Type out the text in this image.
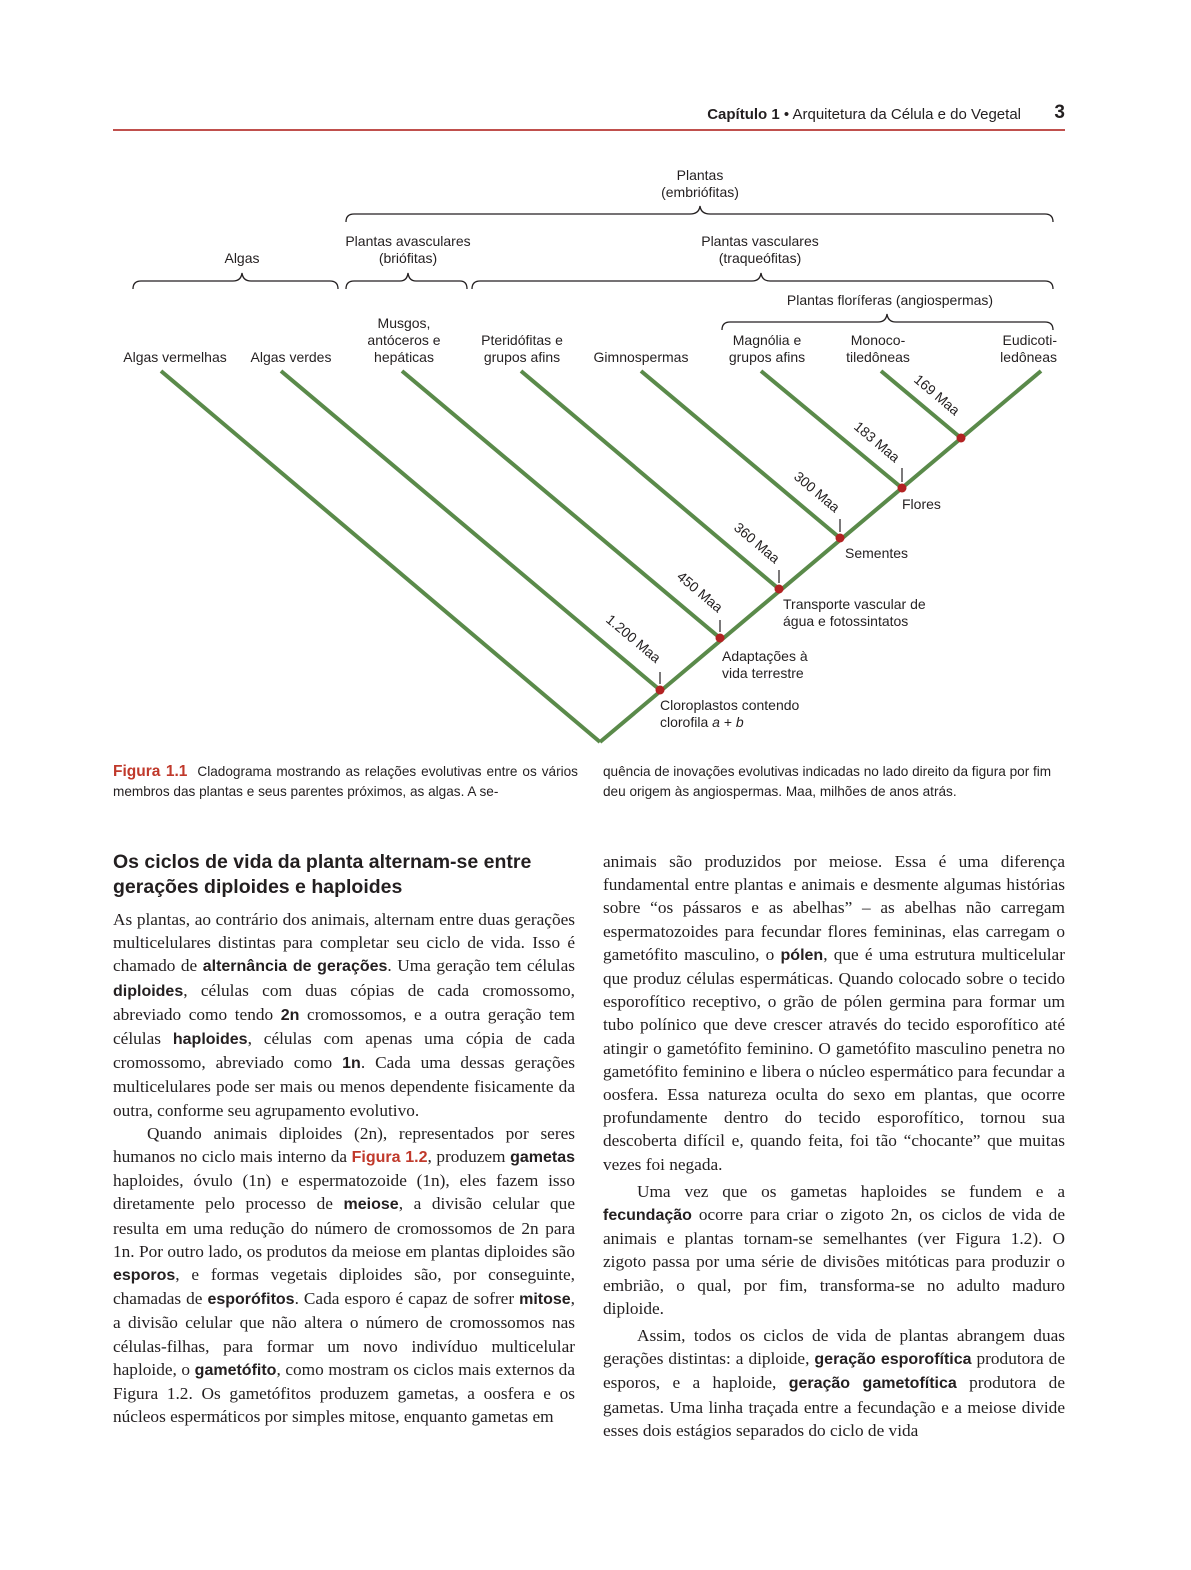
Capítulo 1 • Arquitetura da Célula e do Vegetal 3
Plantas
(embriófitas)
Algas
Plantas avasculares
(briófitas)
Plantas vasculares
(traqueófitas)
Plantas floríferas (angiospermas)
Algas vermelhas Algas verdes
Musgos,
antóceros e
hepáticas
Pteridófitas e
grupos afins Gimnospermas
Magnólia e
grupos afins
Monoco-
tiledôneas
Eudicoti-
ledôneas
1.200 Maa
450 Maa
360 Maa
300 Maa
183 Maa
169 Maa
Cloroplastos contendo
clorofila a + b
Adaptações à
vida terrestre
Transporte vascular de
água e fotossintatos
Sementes
Flores
Figura 1.1 Cladograma mostrando as relações evolutivas entre os vários membros das plantas e seus parentes próximos, as algas. A se-
quência de inovações evolutivas indicadas no lado direito da figura por fim deu origem às angiospermas. Maa, milhões de anos atrás.
Os ciclos de vida da planta alternam-se entre gerações diploides e haploides

As plantas, ao contrário dos animais, alternam entre duas gerações multicelulares distintas para completar seu ciclo de vida. Isso é chamado de alternância de gerações. Uma geração tem células diploides, células com duas cópias de cada cromossomo, abreviado como tendo 2n cromossomos, e a outra geração tem células haploides, células com apenas uma cópia de cada cromossomo, abreviado como 1n. Cada uma dessas gerações multicelulares pode ser mais ou menos dependente fisicamente da outra, conforme seu agrupamento evolutivo.

Quando animais diploides (2n), representados por seres humanos no ciclo mais interno da Figura 1.2, produzem gametas haploides, óvulo (1n) e espermatozoide (1n), eles fazem isso diretamente pelo processo de meiose, a divisão celular que resulta em uma redução do número de cromossomos de 2n para 1n. Por outro lado, os produtos da meiose em plantas diploides são esporos, e formas vegetais diploides são, por conseguinte, chamadas de esporófitos. Cada esporo é capaz de sofrer mitose, a divisão celular que não altera o número de cromossomos nas células-filhas, para formar um novo indivíduo multicelular haploide, o gametófito, como mostram os ciclos mais externos da Figura 1.2. Os gametófitos produzem gametas, a oosfera e os núcleos espermáticos por simples mitose, enquanto gametas em

animais são produzidos por meiose. Essa é uma diferença fundamental entre plantas e animais e desmente algumas histórias sobre “os pássaros e as abelhas” – as abelhas não carregam espermatozoides para fecundar flores femininas, elas carregam o gametófito masculino, o pólen, que é uma estrutura multicelular que produz células espermáticas. Quando colocado sobre o tecido esporofítico receptivo, o grão de pólen germina para formar um tubo polínico que deve crescer através do tecido esporofítico até atingir o gametófito feminino. O gametófito masculino penetra no gametófito feminino e libera o núcleo espermático para fecundar a oosfera. Essa natureza oculta do sexo em plantas, que ocorre profundamente dentro do tecido esporofítico, tornou sua descoberta difícil e, quando feita, foi tão “chocante” que muitas vezes foi negada.

Uma vez que os gametas haploides se fundem e a fecundação ocorre para criar o zigoto 2n, os ciclos de vida de animais e plantas tornam-se semelhantes (ver Figura 1.2). O zigoto passa por uma série de divisões mitóticas para produzir o embrião, o qual, por fim, transforma-se no adulto maduro diploide.

Assim, todos os ciclos de vida de plantas abrangem duas gerações distintas: a diploide, geração esporofítica produtora de esporos, e a haploide, geração gametofítica produtora de gametas. Uma linha traçada entre a fecundação e a meiose divide esses dois estágios separados do ciclo de vida
